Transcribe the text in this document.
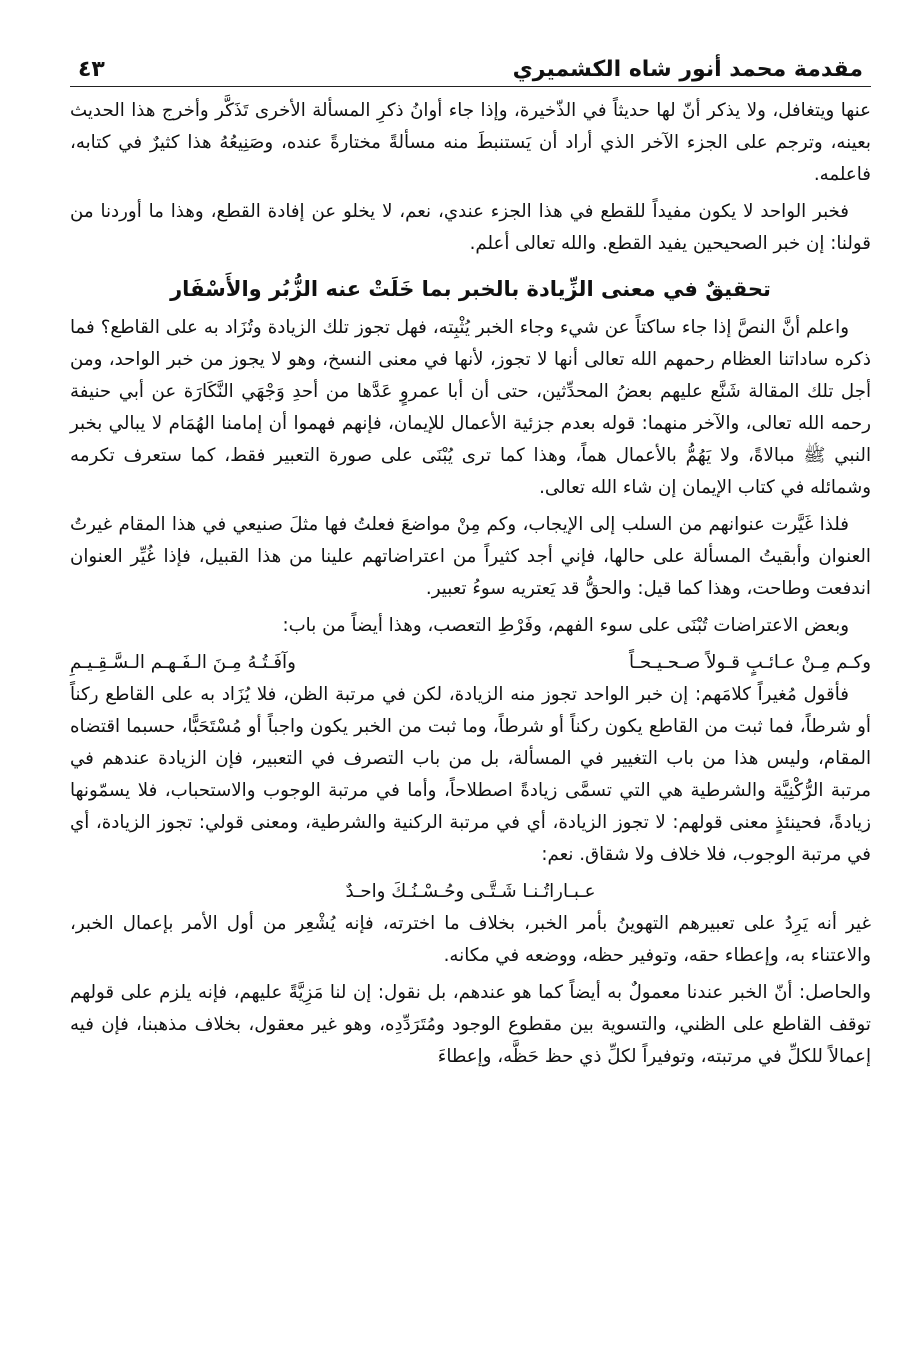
مقدمة محمد أنور شاه الكشميري
٤٣

عنها ويتغافل، ولا يذكر أنّ لها حديثاً في الذّخيرة، وإذا جاء أوانُ ذكرِ المسألة الأخرى تَذَكَّر وأخرج هذا الحديث بعينه، وترجم على الجزء الآخر الذي أراد أن يَستنبطَ منه مسألةً مختارةً عنده، وصَنِيعُهُ هذا كثيرٌ في كتابه، فاعلمه.

فخبر الواحد لا يكون مفيداً للقطع في هذا الجزء عندي، نعم، لا يخلو عن إفادة القطع، وهذا ما أوردنا من قولنا: إن خبر الصحيحين يفيد القطع. والله تعالى أعلم.

تحقيقٌ في معنى الزِّيادة بالخبر بما خَلَتْ عنه الزُّبُر والأَسْفَار

واعلم أنَّ النصَّ إذا جاء ساكتاً عن شيء وجاء الخبر يُثْبِته، فهل تجوز تلك الزيادة وتُزَاد به على القاطع؟ فما ذكره ساداتنا العظام رحمهم الله تعالى أنها لا تجوز، لأنها في معنى النسخ، وهو لا يجوز من خبر الواحد، ومن أجل تلك المقالة شَنَّع عليهم بعضُ المحدِّثين، حتى أن أبا عمروٍ عَدَّها من أحدِ وَجْهَي النَّكَارَة عن أبي حنيفة رحمه الله تعالى، والآخر منهما: قوله بعدم جزئية الأعمال للإيمان، فإنهم فهموا أن إمامنا الهُمَام لا يبالي بخبر النبي ﷺ مبالاةً، ولا يَهُمُّ بالأعمال هماً، وهذا كما ترى يُبْنَى على صورة التعبير فقط، كما ستعرف تكرمه وشمائله في كتاب الإيمان إن شاء الله تعالى.

فلذا غَيَّرت عنوانهم من السلب إلى الإيجاب، وكم مِنْ مواضعَ فعلتُ فها مثلَ صنيعي في هذا المقام غيرتُ العنوان وأبقيتُ المسألة على حالها، فإني أجد كثيراً من اعتراضاتهم علينا من هذا القبيل، فإذا غُيِّر العنوان اندفعت وطاحت، وهذا كما قيل: والحقُّ قد يَعتريه سوءُ تعبير.

وبعض الاعتراضات تُبْنَى على سوء الفهم، وفَرْطِ التعصب، وهذا أيضاً من باب:

وكـم مِـنْ عـائـبٍ قـولاً صـحـيـحـاً
وآفَـتُـهُ مِـنَ الـفَـهـم الـسَّـقِـيـمِ

فأقول مُغيراً كلامَهم: إن خبر الواحد تجوز منه الزيادة، لكن في مرتبة الظن، فلا يُزَاد به على القاطع ركناً أو شرطاً، فما ثبت من القاطع يكون ركناً أو شرطاً، وما ثبت من الخبر يكون واجباً أو مُسْتَحَبًّا، حسبما اقتضاه المقام، وليس هذا من باب التغيير في المسألة، بل من باب التصرف في التعبير، فإن الزيادة عندهم في مرتبة الرُّكْنِيَّة والشرطية هي التي تسمَّى زيادةً اصطلاحاً، وأما في مرتبة الوجوب والاستحباب، فلا يسمّونها زيادةً، فحينئذٍ معنى قولهم: لا تجوز الزيادة، أي في مرتبة الركنية والشرطية، ومعنى قولي: تجوز الزيادة، أي في مرتبة الوجوب، فلا خلاف ولا شقاق. نعم:

عـبـاراتُـنـا شَـتَّـى وحُـسْـنُـكَ واحـدٌ

غير أنه يَرِدُ على تعبيرهم التهوينُ بأمر الخبر، بخلاف ما اخترته، فإنه يُشْعِر من أول الأمر بإعمال الخبر، والاعتناء به، وإعطاء حقه، وتوفير حظه، ووضعه في مكانه.

والحاصل: أنّ الخبر عندنا معمولٌ به أيضاً كما هو عندهم، بل نقول: إن لنا مَزِيَّةً عليهم، فإنه يلزم على قولهم توقف القاطع على الظني، والتسوية بين مقطوع الوجود ومُتَرَدِّدِه، وهو غير معقول، بخلاف مذهبنا، فإن فيه إعمالاً للكلِّ في مرتبته، وتوفيراً لكلِّ ذي حظ حَظَّه، وإعطاءَ
